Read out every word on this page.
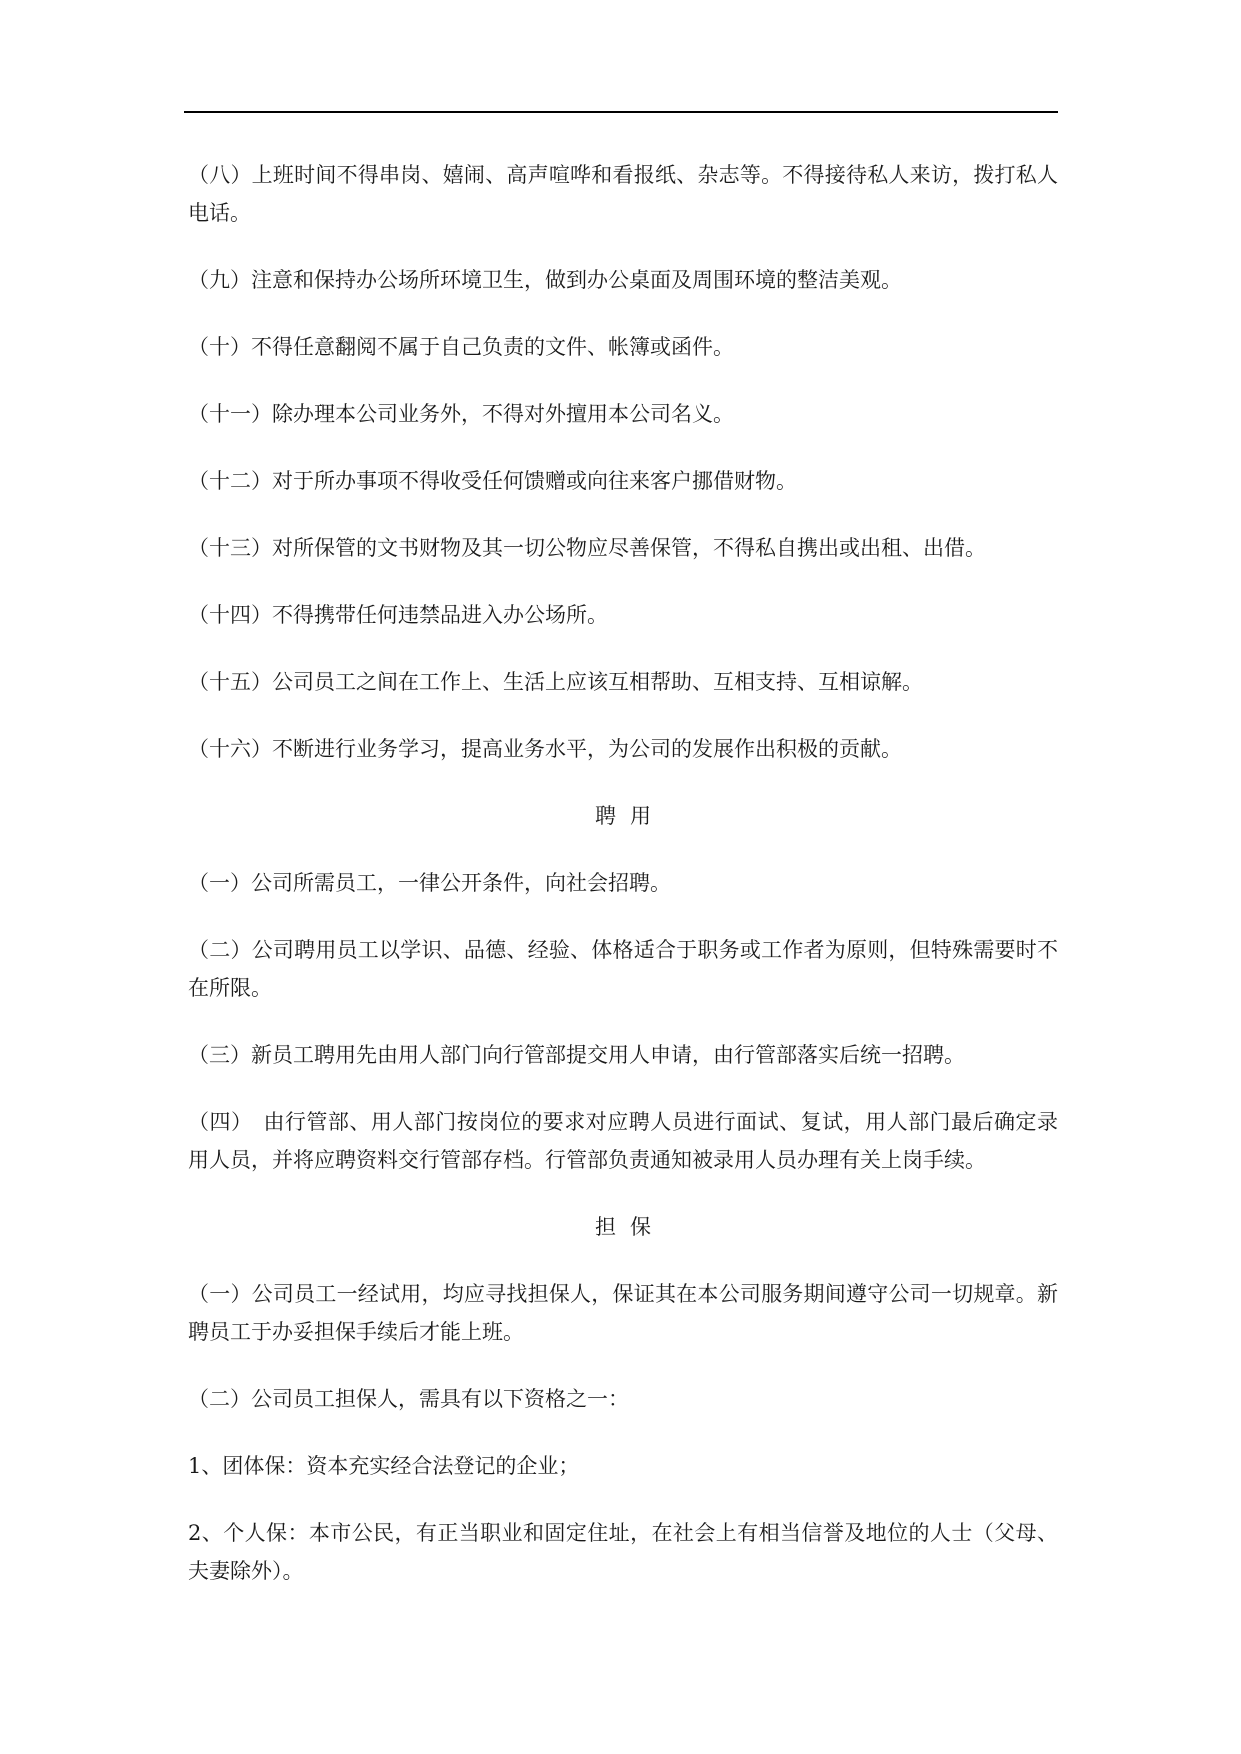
（八）上班时间不得串岗、嬉闹、高声喧哗和看报纸、杂志等。不得接待私人来访，拨打私人电话。

（九）注意和保持办公场所环境卫生，做到办公桌面及周围环境的整洁美观。

（十）不得任意翻阅不属于自己负责的文件、帐簿或函件。

（十一）除办理本公司业务外，不得对外擅用本公司名义。

（十二）对于所办事项不得收受任何馈赠或向往来客户挪借财物。

（十三）对所保管的文书财物及其一切公物应尽善保管，不得私自携出或出租、出借。

（十四）不得携带任何违禁品进入办公场所。

（十五）公司员工之间在工作上、生活上应该互相帮助、互相支持、互相谅解。

（十六）不断进行业务学习，提高业务水平，为公司的发展作出积极的贡献。

聘用

（一）公司所需员工，一律公开条件，向社会招聘。

（二）公司聘用员工以学识、品德、经验、体格适合于职务或工作者为原则，但特殊需要时不在所限。

（三）新员工聘用先由用人部门向行管部提交用人申请，由行管部落实后统一招聘。

（四）　由行管部、用人部门按岗位的要求对应聘人员进行面试、复试，用人部门最后确定录用人员，并将应聘资料交行管部存档。行管部负责通知被录用人员办理有关上岗手续。

担保

（一）公司员工一经试用，均应寻找担保人，保证其在本公司服务期间遵守公司一切规章。新聘员工于办妥担保手续后才能上班。

（二）公司员工担保人，需具有以下资格之一：

1、团体保：资本充实经合法登记的企业；

2、个人保：本市公民，有正当职业和固定住址，在社会上有相当信誉及地位的人士（父母、夫妻除外）。
